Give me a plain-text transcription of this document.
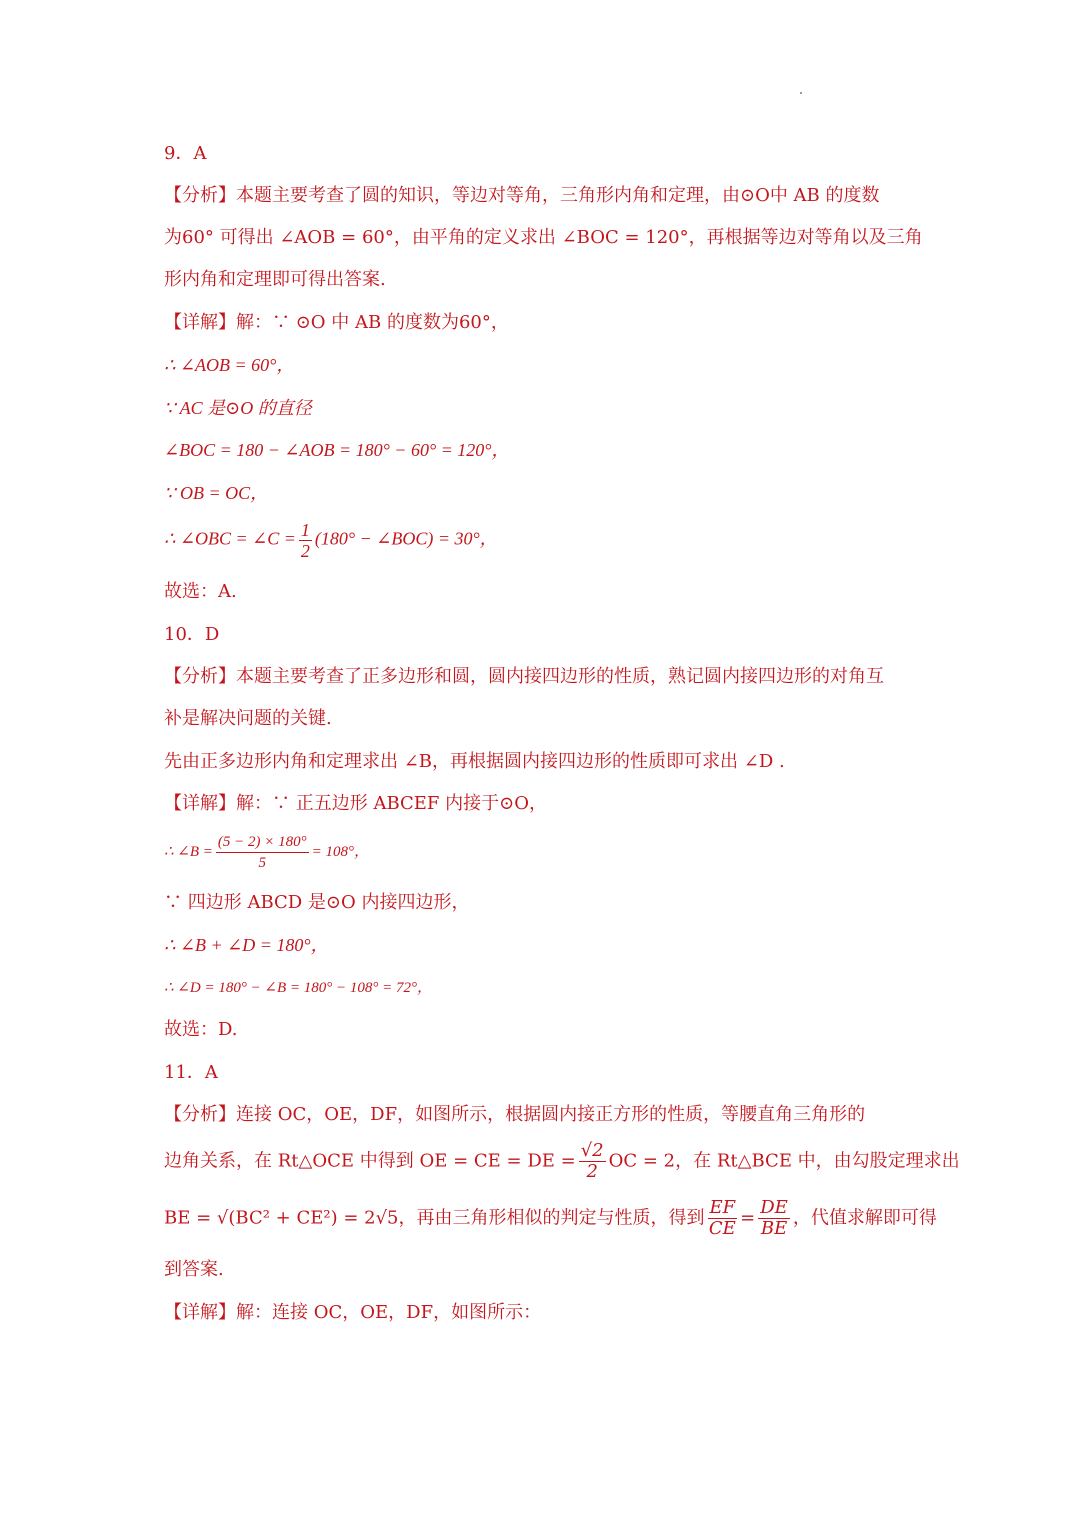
9．A
【分析】本题主要考查了圆的知识，等边对等角，三角形内角和定理，由⊙O中 AB 的度数
为60° 可得出 ∠AOB = 60°，由平角的定义求出 ∠BOC = 120°，再根据等边对等角以及三角
形内角和定理即可得出答案.
【详解】解：∵ ⊙O 中 AB 的度数为60°，
∴ ∠AOB = 60°，
∵ AC 是⊙O 的直径
∠BOC = 180 − ∠AOB = 180° − 60° = 120°，
∵ OB = OC，
∴ ∠OBC = ∠C = $\frac{1}{2} (180^\circ$ − ∠BOC) = 30°，
故选：A.
10．D
【分析】本题主要考查了正多边形和圆，圆内接四边形的性质，熟记圆内接四边形的对角互
补是解决问题的关键.
先由正多边形内角和定理求出 ∠B，再根据圆内接四边形的性质即可求出 ∠D .
【详解】解：∵ 正五边形 ABCEF 内接于⊙O，
∴ ∠B = $\frac{(5 - 2) \times 180^\circ}{5} = 108^\circ$，
∵ 四边形 ABCD 是⊙O 内接四边形，
∴ ∠B + ∠D = 180°，
∴ ∠D = 180° − ∠B = 180° − 108° = 72°，
故选：D.
11．A
【分析】连接 OC，OE，DF，如图所示，根据圆内接正方形的性质，等腰直角三角形的
边角关系，在 Rt△OCE 中得到 OE = CE = DE = $\frac{√2}{2}$ OC = 2，在 Rt△BCE 中，由勾股定理求出
BE = √(BC² + CE²) = 2√5，再由三角形相似的判定与性质，得到 $\frac{EF}{CE} = \frac{DE}{BE}$ ，代值求解即可得
到答案.
【详解】解：连接 OC，OE，DF，如图所示：
